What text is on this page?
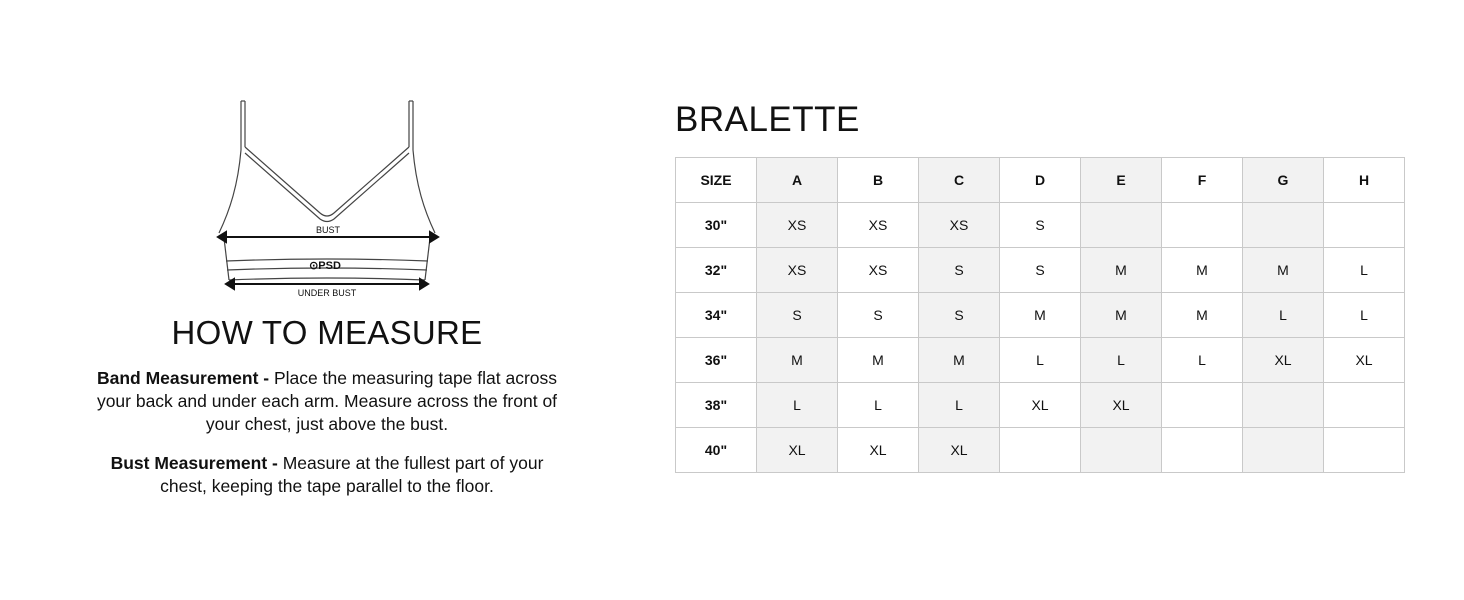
BUST
⊙PSD
UNDER BUST
HOW TO MEASURE
Band Measurement - Place the measuring tape flat across your back and under each arm. Measure across the front of your chest, just above the bust.
Bust Measurement - Measure at the fullest part of your chest, keeping the tape parallel to the floor.
BRALETTE
SIZE	A	B	C	D	E	F	G	H
30"	XS	XS	XS	S				
32"	XS	XS	S	S	M	M	M	L
34"	S	S	S	M	M	M	L	L
36"	M	M	M	L	L	L	XL	XL
38"	L	L	L	XL	XL			
40"	XL	XL	XL					
